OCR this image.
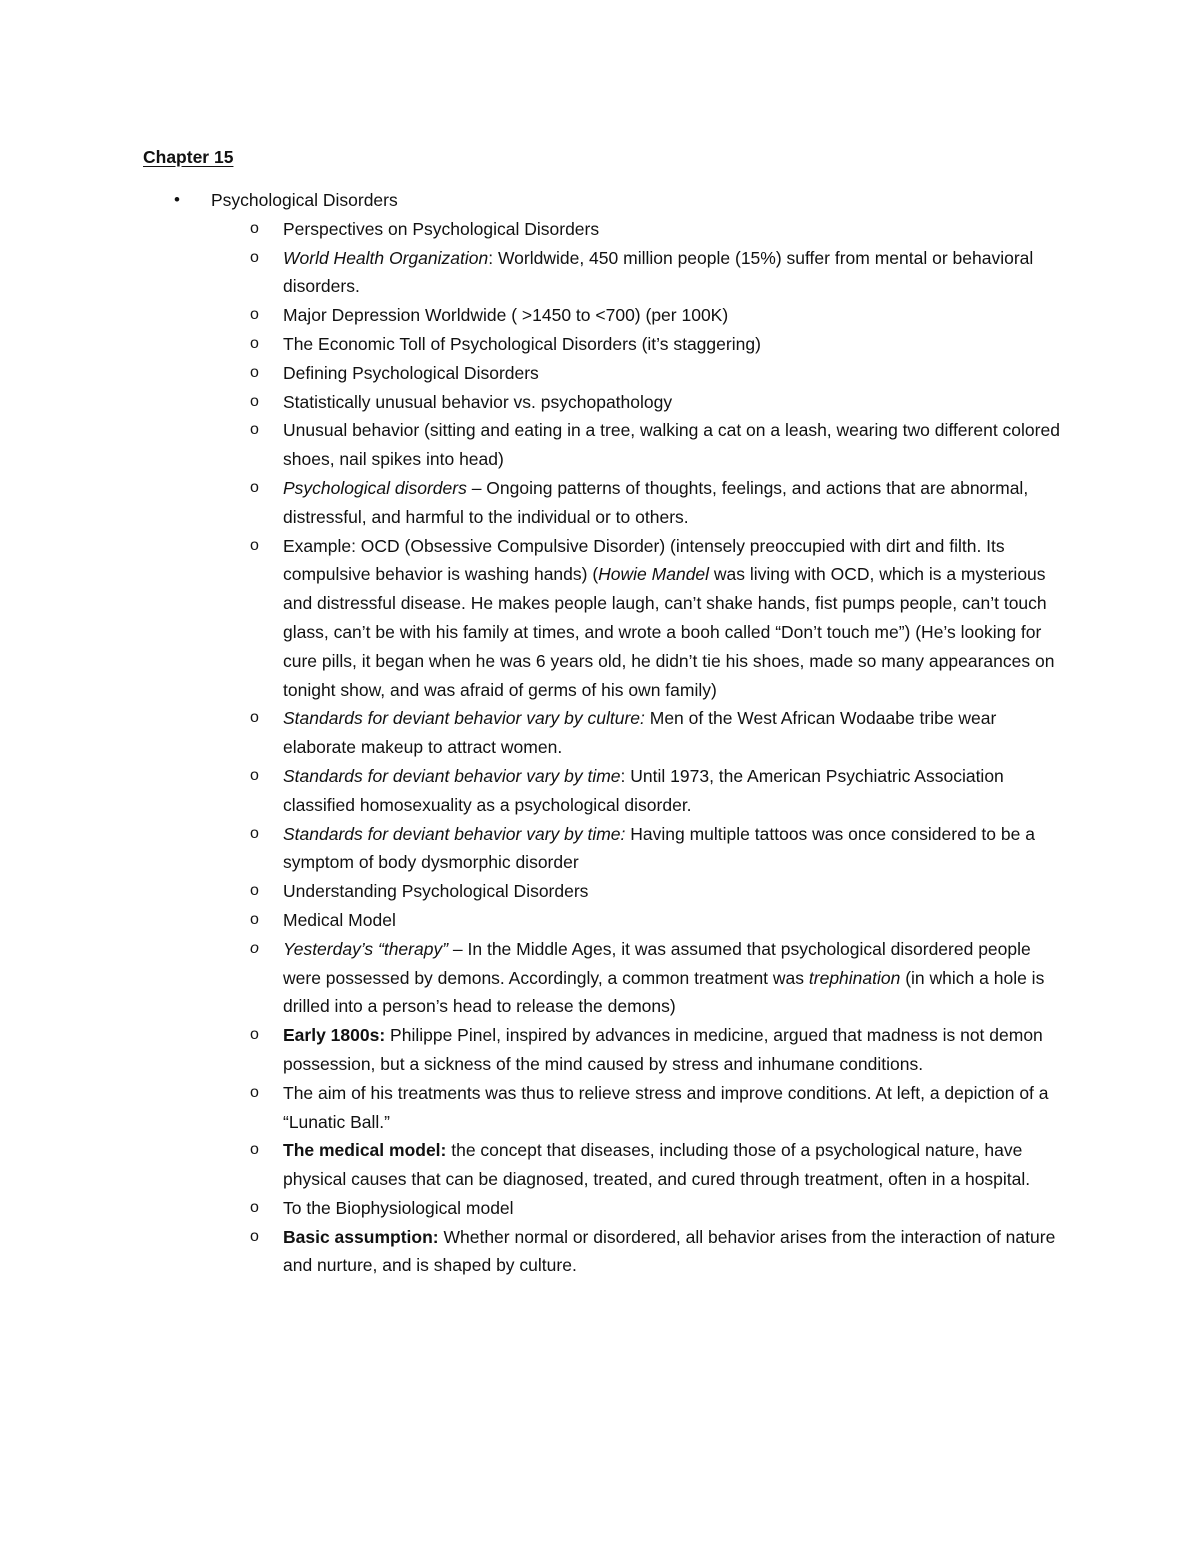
Chapter 15
• Psychological Disorders
o Perspectives on Psychological Disorders
o World Health Organization: Worldwide, 450 million people (15%) suffer from mental or behavioral disorders.
o Major Depression Worldwide ( >1450 to <700) (per 100K)
o The Economic Toll of Psychological Disorders (it’s staggering)
o Defining Psychological Disorders
o Statistically unusual behavior vs. psychopathology
o Unusual behavior (sitting and eating in a tree, walking a cat on a leash, wearing two different colored shoes, nail spikes into head)
o Psychological disorders – Ongoing patterns of thoughts, feelings, and actions that are abnormal, distressful, and harmful to the individual or to others.
o Example: OCD (Obsessive Compulsive Disorder) (intensely preoccupied with dirt and filth. Its compulsive behavior is washing hands) (Howie Mandel was living with OCD, which is a mysterious and distressful disease. He makes people laugh, can’t shake hands, fist pumps people, can’t touch glass, can’t be with his family at times, and wrote a booh called “Don’t touch me”) (He’s looking for cure pills, it began when he was 6 years old, he didn’t tie his shoes, made so many appearances on tonight show, and was afraid of germs of his own family)
o Standards for deviant behavior vary by culture: Men of the West African Wodaabe tribe wear elaborate makeup to attract women.
o Standards for deviant behavior vary by time: Until 1973, the American Psychiatric Association classified homosexuality as a psychological disorder.
o Standards for deviant behavior vary by time: Having multiple tattoos was once considered to be a symptom of body dysmorphic disorder
o Understanding Psychological Disorders
o Medical Model
o Yesterday’s “therapy” – In the Middle Ages, it was assumed that psychological disordered people were possessed by demons. Accordingly, a common treatment was trephination (in which a hole is drilled into a person’s head to release the demons)
o Early 1800s: Philippe Pinel, inspired by advances in medicine, argued that madness is not demon possession, but a sickness of the mind caused by stress and inhumane conditions.
o The aim of his treatments was thus to relieve stress and improve conditions. At left, a depiction of a “Lunatic Ball.”
o The medical model: the concept that diseases, including those of a psychological nature, have physical causes that can be diagnosed, treated, and cured through treatment, often in a hospital.
o To the Biophysiological model
o Basic assumption: Whether normal or disordered, all behavior arises from the interaction of nature and nurture, and is shaped by culture.
